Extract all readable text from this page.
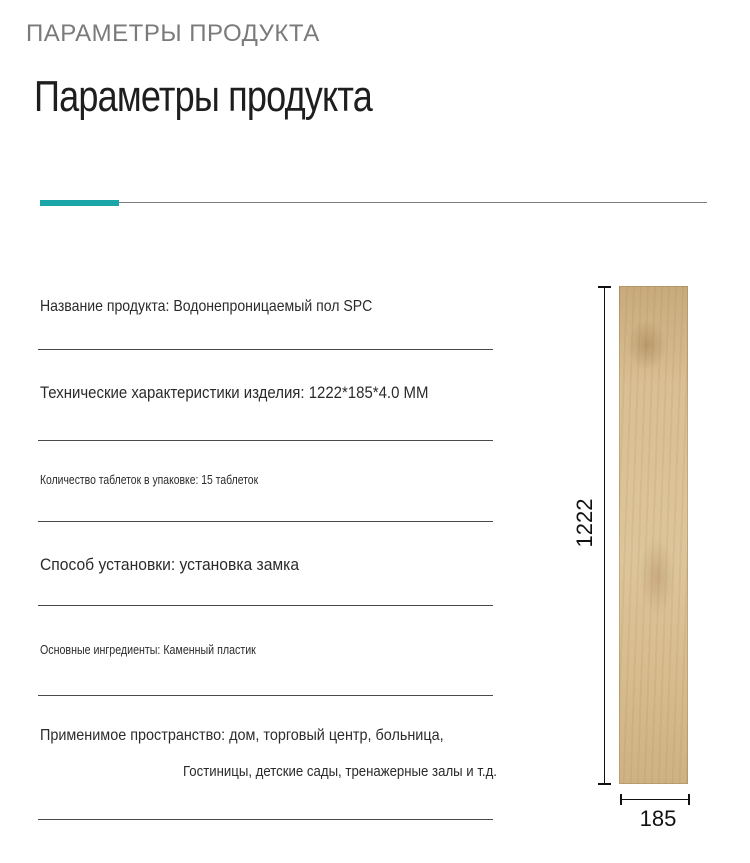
ПАРАМЕТРЫ ПРОДУКТА
Параметры продукта
Название продукта: Водонепроницаемый пол SPC
Технические характеристики изделия: 1222*185*4.0 MM
Количество таблеток в упаковке: 15 таблеток
Способ установки: установка замка
Основные ингредиенты: Каменный пластик
Применимое пространство: дом, торговый центр, больница,
Гостиницы, детские сады, тренажерные залы и т.д.
1222
185
